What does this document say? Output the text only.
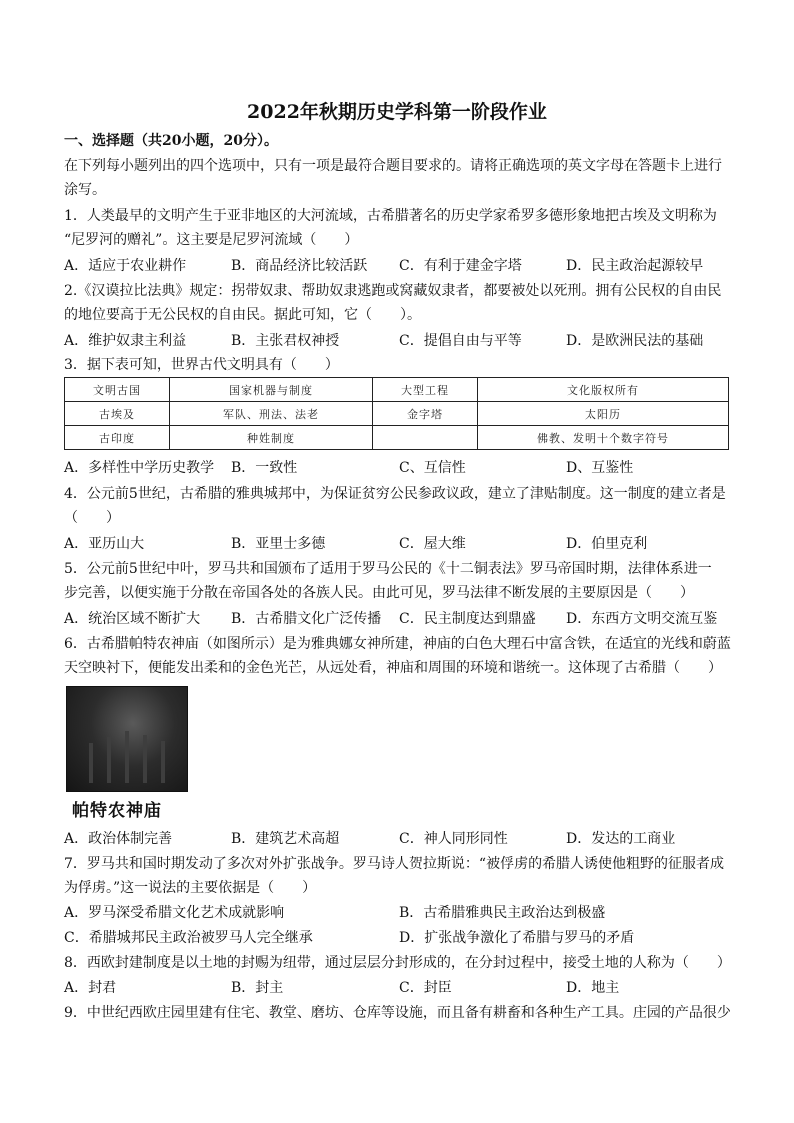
2022年秋期历史学科第一阶段作业
一、选择题（共20小题，20分）。
在下列每小题列出的四个选项中，只有一项是最符合题目要求的。请将正确选项的英文字母在答题卡上进行
涂写。
1．人类最早的文明产生于亚非地区的大河流域，古希腊著名的历史学家希罗多德形象地把古埃及文明称为
“尼罗河的赠礼”。这主要是尼罗河流域（　　）
A．适应于农业耕作	B．商品经济比较活跃 C．有利于建金字塔	D．民主政治起源较早
2.《汉谟拉比法典》规定：拐带奴隶、帮助奴隶逃跑或窝藏奴隶者，都要被处以死刑。拥有公民权的自由民
的地位要高于无公民权的自由民。据此可知，它（　　）。
A．维护奴隶主利益	B．主张君权神授	C．提倡自由与平等	D．是欧洲民法的基础
3．据下表可知，世界古代文明具有（　　）
文明古国	国家机器与制度	大型工程	文化版权所有
古埃及	军队、刑法、法老	金字塔	太阳历
古印度	种姓制度		佛教、发明十个数字符号
A．多样性中学历史教学 B．一致性	C、互信性	D、互鉴性
4．公元前5世纪，古希腊的雅典城邦中，为保证贫穷公民参政议政，建立了津贴制度。这一制度的建立者是
（　　）
A．亚历山大	B．亚里士多德	C．屋大维	D．伯里克利
5．公元前5世纪中叶，罗马共和国颁布了适用于罗马公民的《十二铜表法》罗马帝国时期，法律体系进一
步完善，以便实施于分散在帝国各处的各族人民。由此可见，罗马法律不断发展的主要原因是（　　）
A．统治区域不断扩大 B．古希腊文化广泛传播 C．民主制度达到鼎盛 D．东西方文明交流互鉴
6．古希腊帕特农神庙（如图所示）是为雅典娜女神所建，神庙的白色大理石中富含铁，在适宜的光线和蔚蓝
天空映衬下，便能发出柔和的金色光芒，从远处看，神庙和周围的环境和谐统一。这体现了古希腊（　　）
帕特农神庙
A．政治体制完善	B．建筑艺术高超	C．神人同形同性	D．发达的工商业
7．罗马共和国时期发动了多次对外扩张战争。罗马诗人贺拉斯说：“被俘虏的希腊人诱使他粗野的征服者成
为俘虏。”这一说法的主要依据是（　　）
A．罗马深受希腊文化艺术成就影响	B．古希腊雅典民主政治达到极盛
C．希腊城邦民主政治被罗马人完全继承	D．扩张战争激化了希腊与罗马的矛盾
8．西欧封建制度是以土地的封赐为纽带，通过层层分封形成的，在分封过程中，接受土地的人称为（　　）
A．封君	B．封主	C．封臣	D．地主
9．中世纪西欧庄园里建有住宅、教堂、磨坊、仓库等设施，而且备有耕畜和各种生产工具。庄园的产品很少
